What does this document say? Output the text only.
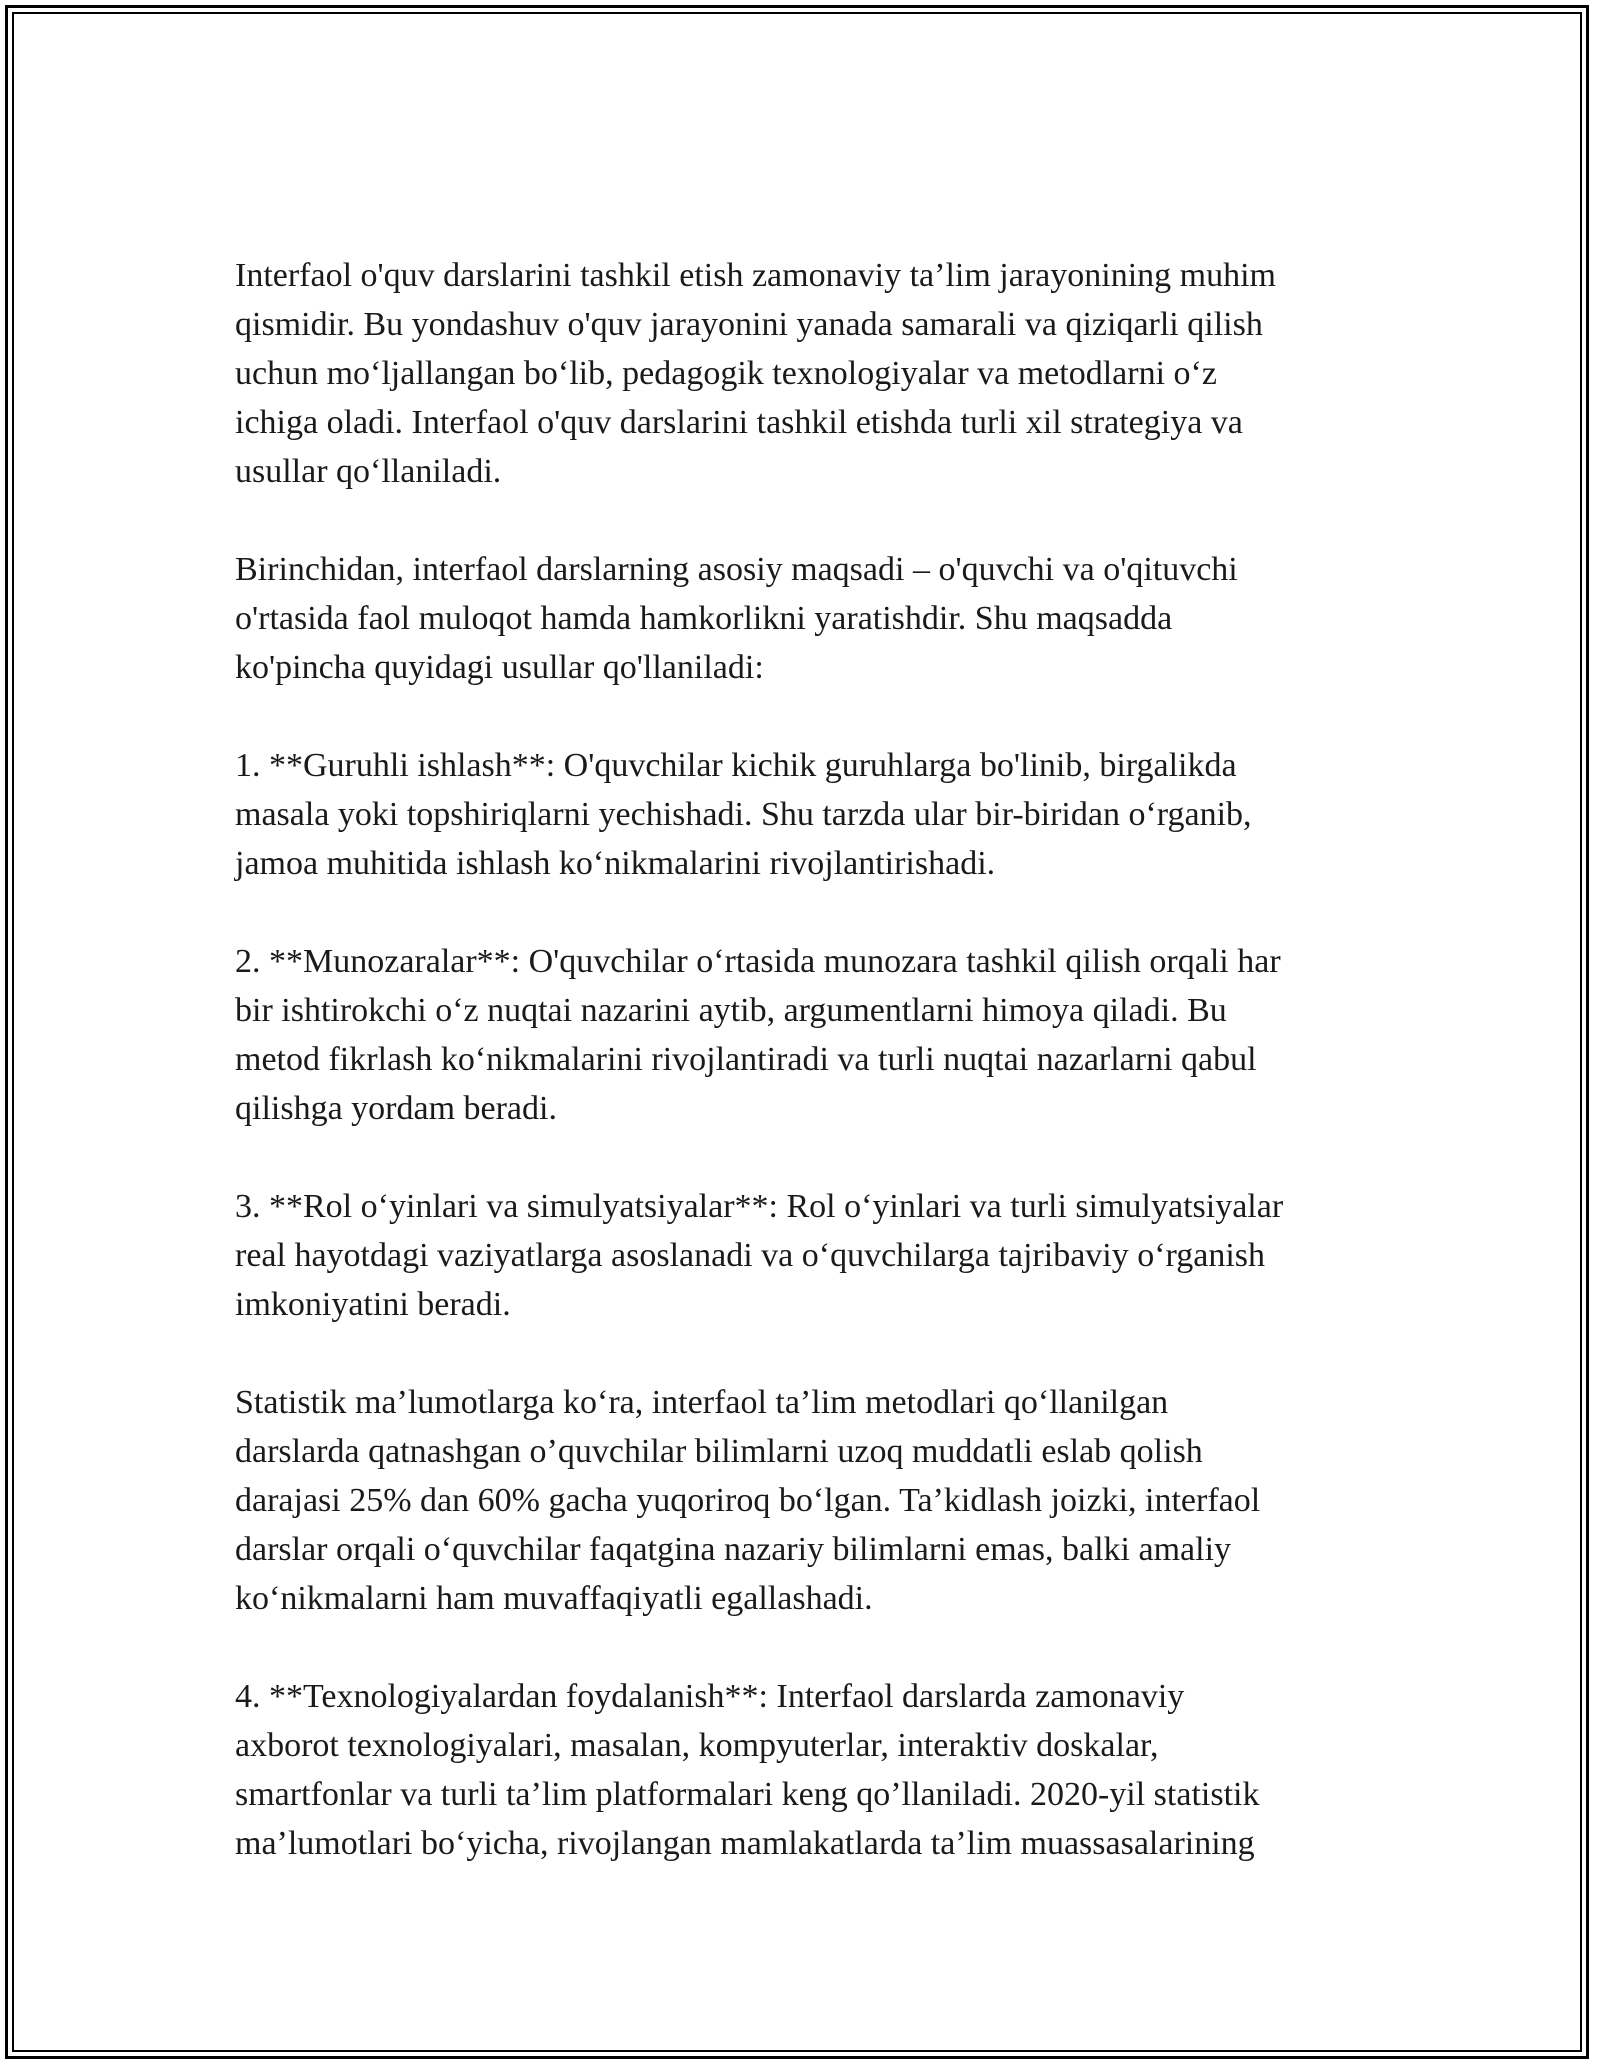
Interfaol o'quv darslarini tashkil etish zamonaviy ta’lim jarayonining muhim
qismidir. Bu yondashuv o'quv jarayonini yanada samarali va qiziqarli qilish
uchun mo‘ljallangan bo‘lib, pedagogik texnologiyalar va metodlarni o‘z
ichiga oladi. Interfaol o'quv darslarini tashkil etishda turli xil strategiya va
usullar qo‘llaniladi.

Birinchidan, interfaol darslarning asosiy maqsadi – o'quvchi va o'qituvchi
o'rtasida faol muloqot hamda hamkorlikni yaratishdir. Shu maqsadda
ko'pincha quyidagi usullar qo'llaniladi:

1. **Guruhli ishlash**: O'quvchilar kichik guruhlarga bo'linib, birgalikda
masala yoki topshiriqlarni yechishadi. Shu tarzda ular bir-biridan o‘rganib,
jamoa muhitida ishlash ko‘nikmalarini rivojlantirishadi.

2. **Munozaralar**: O'quvchilar o‘rtasida munozara tashkil qilish orqali har
bir ishtirokchi o‘z nuqtai nazarini aytib, argumentlarni himoya qiladi. Bu
metod fikrlash ko‘nikmalarini rivojlantiradi va turli nuqtai nazarlarni qabul
qilishga yordam beradi.

3. **Rol o‘yinlari va simulyatsiyalar**: Rol o‘yinlari va turli simulyatsiyalar
real hayotdagi vaziyatlarga asoslanadi va o‘quvchilarga tajribaviy o‘rganish
imkoniyatini beradi.

Statistik ma’lumotlarga ko‘ra, interfaol ta’lim metodlari qo‘llanilgan
darslarda qatnashgan o’quvchilar bilimlarni uzoq muddatli eslab qolish
darajasi 25% dan 60% gacha yuqoriroq bo‘lgan. Ta’kidlash joizki, interfaol
darslar orqali o‘quvchilar faqatgina nazariy bilimlarni emas, balki amaliy
ko‘nikmalarni ham muvaffaqiyatli egallashadi.

4. **Texnologiyalardan foydalanish**: Interfaol darslarda zamonaviy
axborot texnologiyalari, masalan, kompyuterlar, interaktiv doskalar,
smartfonlar va turli ta’lim platformalari keng qo’llaniladi. 2020-yil statistik
ma’lumotlari bo‘yicha, rivojlangan mamlakatlarda ta’lim muassasalarining
